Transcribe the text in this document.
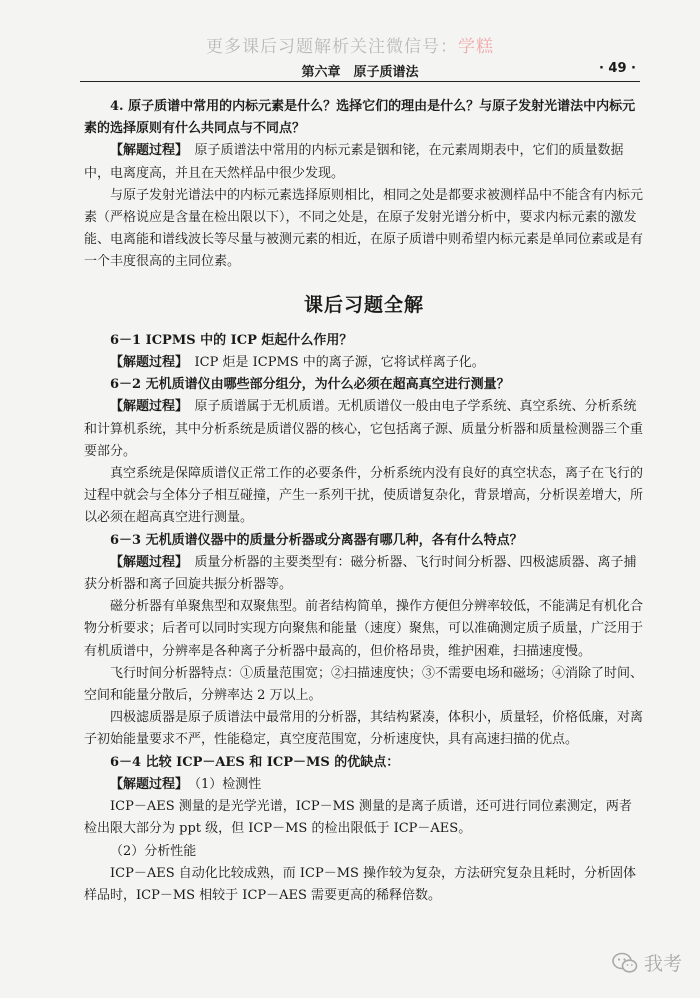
更多课后习题解析关注微信号：学糕
第六章　原子质谱法	· 49 ·

4. 原子质谱中常用的内标元素是什么？选择它们的理由是什么？与原子发射光谱法中内标元素的选择原则有什么共同点与不同点？

【解题过程】　 原子质谱法中常用的内标元素是铟和铑，在元素周期表中，它们的质量数据中，电离度高，并且在天然样品中很少发现。

与原子发射光谱法中的内标元素选择原则相比，相同之处是都要求被测样品中不能含有内标元素（严格说应是含量在检出限以下），不同之处是，在原子发射光谱分析中，要求内标元素的激发能、电离能和谱线波长等尽量与被测元素的相近，在原子质谱中则希望内标元素是单同位素或是有一个丰度很高的主同位素。

课后习题全解

6－1 ICPMS 中的 ICP 炬起什么作用？

【解题过程】　 ICP 炬是 ICPMS 中的离子源，它将试样离子化。

6－2 无机质谱仪由哪些部分组分，为什么必须在超高真空进行测量？

【解题过程】　 原子质谱属于无机质谱。无机质谱仪一般由电子学系统、真空系统、分析系统和计算机系统，其中分析系统是质谱仪器的核心，它包括离子源、质量分析器和质量检测器三个重要部分。

真空系统是保障质谱仪正常工作的必要条件，分析系统内没有良好的真空状态，离子在飞行的过程中就会与全体分子相互碰撞，产生一系列干扰，使质谱复杂化，背景增高，分析误差增大，所以必须在超高真空进行测量。

6－3 无机质谱仪器中的质量分析器或分离器有哪几种，各有什么特点？

【解题过程】　 质量分析器的主要类型有：磁分析器、飞行时间分析器、四极滤质器、离子捕获分析器和离子回旋共振分析器等。

磁分析器有单聚焦型和双聚焦型。前者结构简单，操作方便但分辨率较低，不能满足有机化合物分析要求；后者可以同时实现方向聚焦和能量（速度）聚焦，可以准确测定质子质量，广泛用于有机质谱中，分辨率是各种离子分析器中最高的，但价格昂贵，维护困难，扫描速度慢。

飞行时间分析器特点：①质量范围宽；②扫描速度快；③不需要电场和磁场；④消除了时间、空间和能量分散后，分辨率达 2 万以上。

四极滤质器是原子质谱法中最常用的分析器，其结构紧凑，体积小，质量轻，价格低廉，对离子初始能量要求不严，性能稳定，真空度范围宽，分析速度快，具有高速扫描的优点。

6－4 比较 ICP－AES 和 ICP－MS 的优缺点：

【解题过程】　 （1）检测性

ICP－AES 测量的是光学光谱，ICP－MS 测量的是离子质谱，还可进行同位素测定，两者检出限大部分为 ppt 级，但 ICP－MS 的检出限低于 ICP－AES。

（2）分析性能

ICP－AES 自动化比较成熟，而 ICP－MS 操作较为复杂，方法研究复杂且耗时，分析固体样品时，ICP－MS 相较于 ICP－AES 需要更高的稀释倍数。

我考
